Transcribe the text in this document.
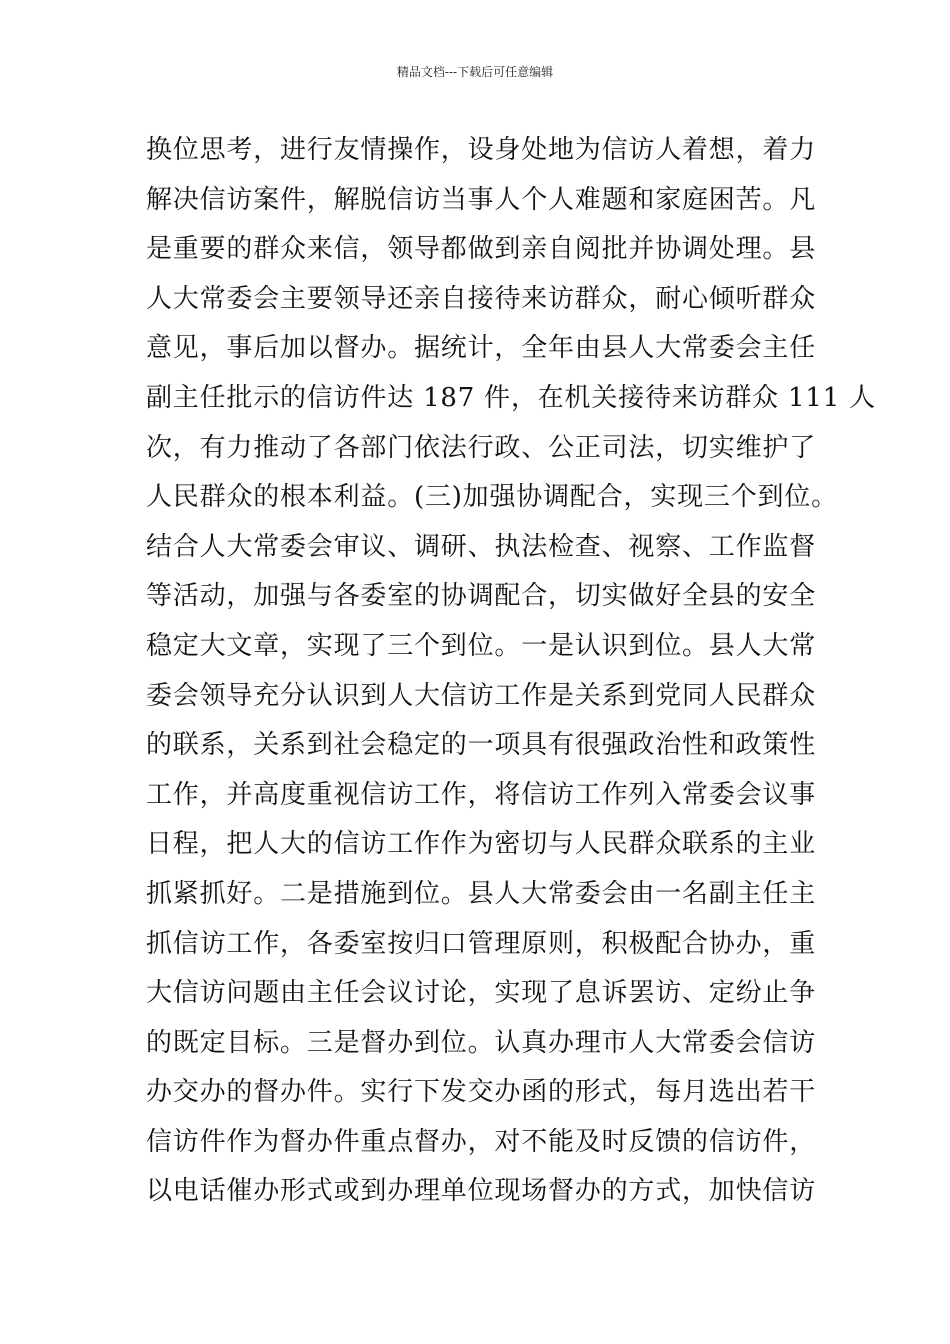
精品文档---下载后可任意编辑
换位思考，进行友情操作，设身处地为信访人着想，着力
解决信访案件，解脱信访当事人个人难题和家庭困苦。凡
是重要的群众来信，领导都做到亲自阅批并协调处理。县
人大常委会主要领导还亲自接待来访群众，耐心倾听群众
意见，事后加以督办。据统计，全年由县人大常委会主任
副主任批示的信访件达 187 件，在机关接待来访群众 111 人
次，有力推动了各部门依法行政、公正司法，切实维护了
人民群众的根本利益。(三)加强协调配合，实现三个到位。
结合人大常委会审议、调研、执法检查、视察、工作监督
等活动，加强与各委室的协调配合，切实做好全县的安全
稳定大文章，实现了三个到位。一是认识到位。县人大常
委会领导充分认识到人大信访工作是关系到党同人民群众
的联系，关系到社会稳定的一项具有很强政治性和政策性
工作，并高度重视信访工作，将信访工作列入常委会议事
日程，把人大的信访工作作为密切与人民群众联系的主业
抓紧抓好。二是措施到位。县人大常委会由一名副主任主
抓信访工作，各委室按归口管理原则，积极配合协办，重
大信访问题由主任会议讨论，实现了息诉罢访、定纷止争
的既定目标。三是督办到位。认真办理市人大常委会信访
办交办的督办件。实行下发交办函的形式，每月选出若干
信访件作为督办件重点督办，对不能及时反馈的信访件，
以电话催办形式或到办理单位现场督办的方式，加快信访
